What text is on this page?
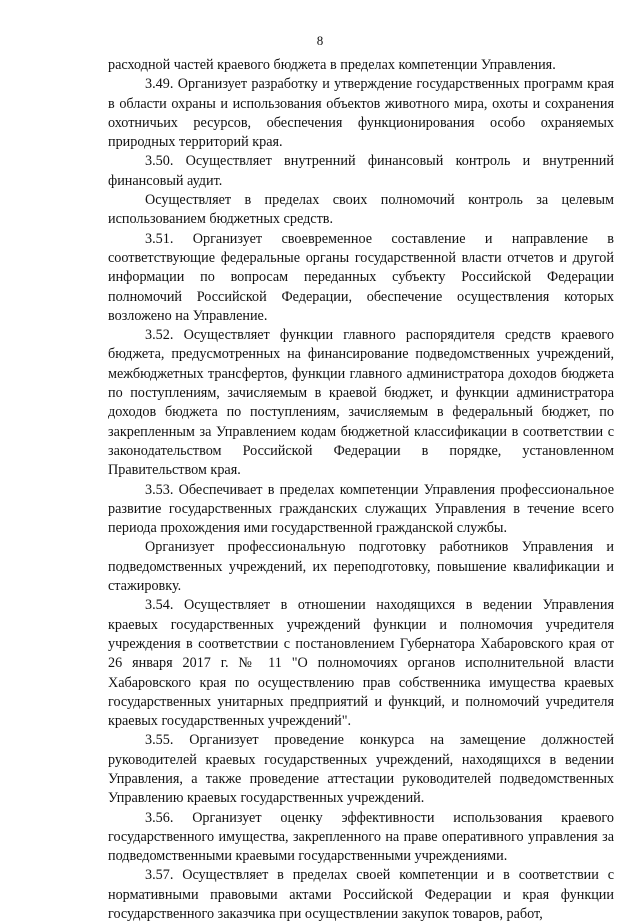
8

расходной частей краевого бюджета в пределах компетенции Управления.

3.49. Организует разработку и утверждение государственных программ края в области охраны и использования объектов животного мира, охоты и сохранения охотничьих ресурсов, обеспечения функционирования особо охраняемых природных территорий края.

3.50. Осуществляет внутренний финансовый контроль и внутренний финансовый аудит.

Осуществляет в пределах своих полномочий контроль за целевым использованием бюджетных средств.

3.51. Организует своевременное составление и направление в соответствующие федеральные органы государственной власти отчетов и другой информации по вопросам переданных субъекту Российской Федерации полномочий Российской Федерации, обеспечение осуществления которых возложено на Управление.

3.52. Осуществляет функции главного распорядителя средств краевого бюджета, предусмотренных на финансирование подведомственных учреждений, межбюджетных трансфертов, функции главного администратора доходов бюджета по поступлениям, зачисляемым в краевой бюджет, и функции администратора доходов бюджета по поступлениям, зачисляемым в федеральный бюджет, по закрепленным за Управлением кодам бюджетной классификации в соответствии с законодательством Российской Федерации в порядке, установленном Правительством края.

3.53. Обеспечивает в пределах компетенции Управления профессиональное развитие государственных гражданских служащих Управления в течение всего периода прохождения ими государственной гражданской службы.

Организует профессиональную подготовку работников Управления и подведомственных учреждений, их переподготовку, повышение квалификации и стажировку.

3.54. Осуществляет в отношении находящихся в ведении Управления краевых государственных учреждений функции и полномочия учредителя учреждения в соответствии с постановлением Губернатора Хабаровского края от 26 января 2017 г. № 11 "О полномочиях органов исполнительной власти Хабаровского края по осуществлению прав собственника имущества краевых государственных унитарных предприятий и функций, и полномочий учредителя краевых государственных учреждений".

3.55. Организует проведение конкурса на замещение должностей руководителей краевых государственных учреждений, находящихся в ведении Управления, а также проведение аттестации руководителей подведомственных Управлению краевых государственных учреждений.

3.56. Организует оценку эффективности использования краевого государственного имущества, закрепленного на праве оперативного управления за подведомственными краевыми государственными учреждениями.

3.57. Осуществляет в пределах своей компетенции и в соответствии с нормативными правовыми актами Российской Федерации и края функции государственного заказчика при осуществлении закупок товаров, работ,
